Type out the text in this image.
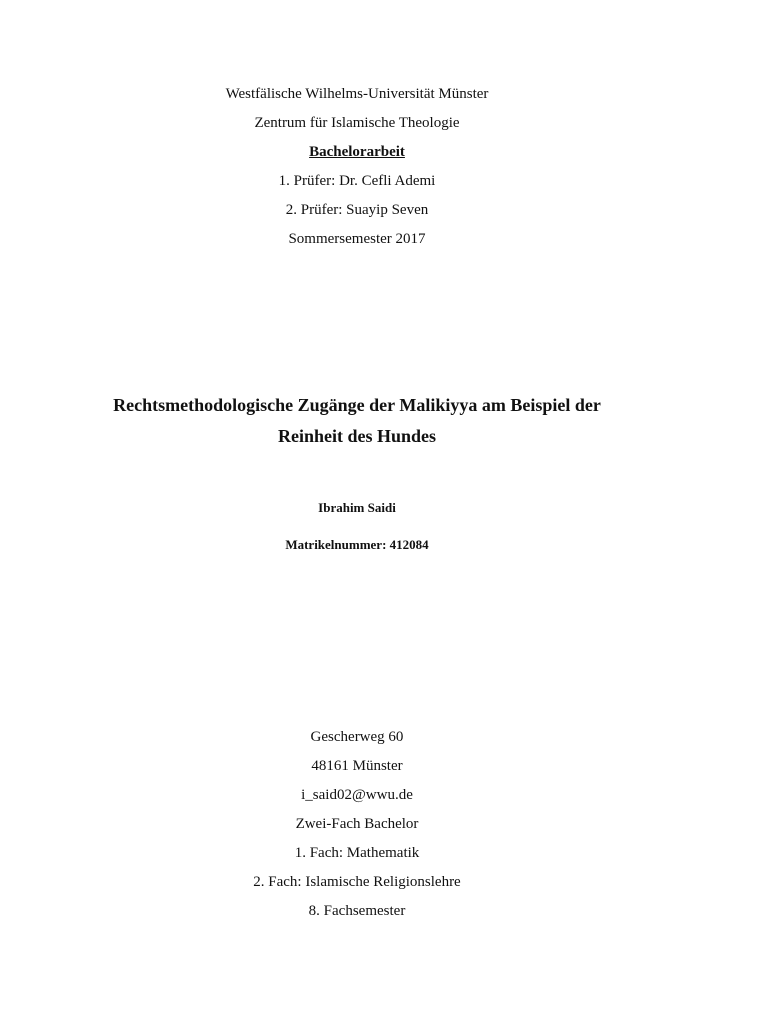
Westfälische Wilhelms-Universität Münster
Zentrum für Islamische Theologie
Bachelorarbeit
1. Prüfer: Dr. Cefli Ademi
2. Prüfer: Suayip Seven
Sommersemester 2017
Rechtsmethodologische Zugänge der Malikiyya am Beispiel der
Reinheit des Hundes
Ibrahim Saidi
Matrikelnummer: 412084
Gescherweg 60
48161 Münster
i_said02@wwu.de
Zwei-Fach Bachelor
1. Fach: Mathematik
2. Fach: Islamische Religionslehre
8. Fachsemester
